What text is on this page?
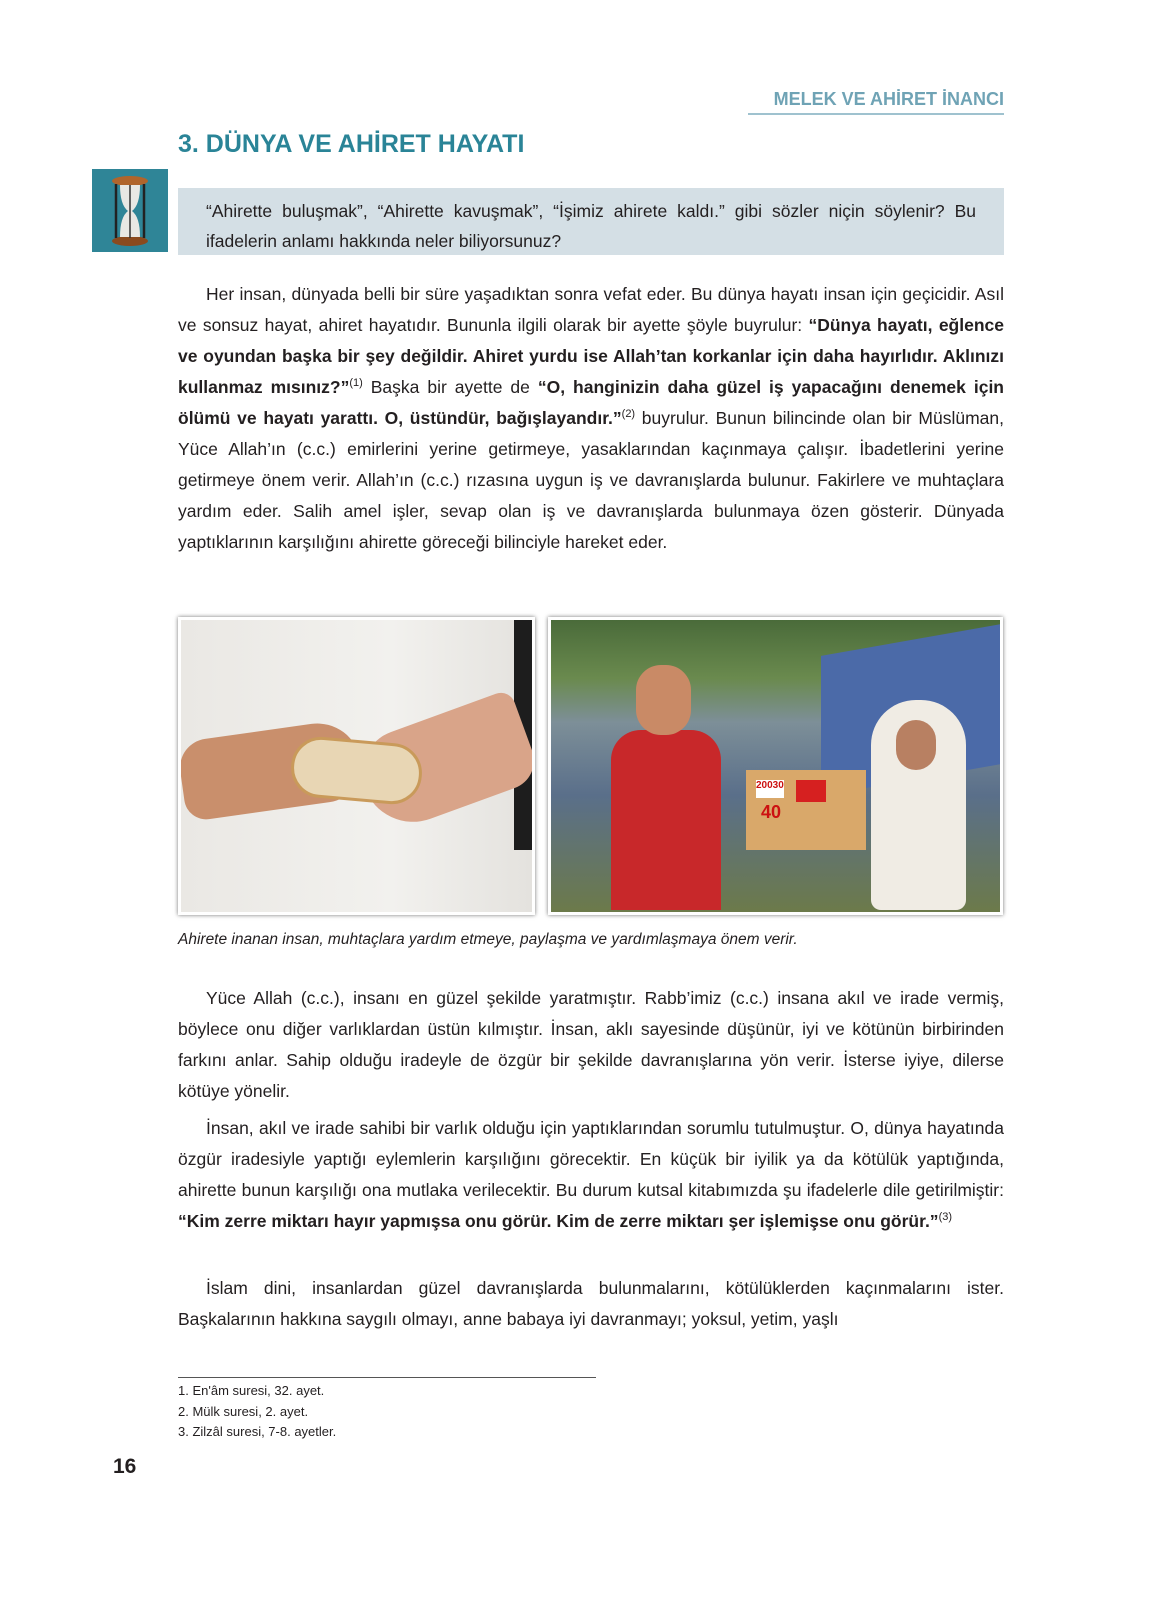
MELEK VE AHİRET İNANCI
3. DÜNYA VE AHİRET HAYATI
“Ahirette buluşmak”, “Ahirette kavuşmak”, “İşimiz ahirete kaldı.” gibi sözler niçin söylenir? Bu ifadelerin anlamı hakkında neler biliyorsunuz?

Her insan, dünyada belli bir süre yaşadıktan sonra vefat eder. Bu dünya hayatı insan için geçicidir. Asıl ve sonsuz hayat, ahiret hayatıdır. Bununla ilgili olarak bir ayette şöyle buyrulur: “Dünya hayatı, eğlence ve oyundan başka bir şey değildir. Ahiret yurdu ise Allah’tan korkanlar için daha hayırlıdır. Aklınızı kullanmaz mısınız?”$^{(1)}$ Başka bir ayette de “O, hanginizin daha güzel iş yapacağını denemek için ölümü ve hayatı yarattı. O, üstündür, bağışlayandır.”$^{(2)}$ buyrulur. Bunun bilincinde olan bir Müslüman, Yüce Allah’ın (c.c.) emirlerini yerine getirmeye, yasaklarından kaçınmaya çalışır. İbadetlerini yerine getirmeye önem verir. Allah’ın (c.c.) rızasına uygun iş ve davranışlarda bulunur. Fakirlere ve muhtaçlara yardım eder. Salih amel işler, sevap olan iş ve davranışlarda bulunmaya özen gösterir. Dünyada yaptıklarının karşılığını ahirette göreceği bilinciyle hareket eder.

20030
40
Ahirete inanan insan, muhtaçlara yardım etmeye, paylaşma ve yardımlaşmaya önem verir.

Yüce Allah (c.c.), insanı en güzel şekilde yaratmıştır. Rabb’imiz (c.c.) insana akıl ve irade vermiş, böylece onu diğer varlıklardan üstün kılmıştır. İnsan, aklı sayesinde düşünür, iyi ve kötünün birbirinden farkını anlar. Sahip olduğu iradeyle de özgür bir şekilde davranışlarına yön verir. İsterse iyiye, dilerse kötüye yönelir.

İnsan, akıl ve irade sahibi bir varlık olduğu için yaptıklarından sorumlu tutulmuştur. O, dünya hayatında özgür iradesiyle yaptığı eylemlerin karşılığını görecektir. En küçük bir iyilik ya da kötülük yaptığında, ahirette bunun karşılığı ona mutlaka verilecektir. Bu durum kutsal kitabımızda şu ifadelerle dile getirilmiştir: “Kim zerre miktarı hayır yapmışsa onu görür. Kim de zerre miktarı şer işlemişse onu görür.”$^{(3)}$

İslam dini, insanlardan güzel davranışlarda bulunmalarını, kötülüklerden kaçınmalarını ister. Başkalarının hakkına saygılı olmayı, anne babaya iyi davranmayı; yoksul, yetim, yaşlı

1. En'âm suresi, 32. ayet.
2. Mülk suresi, 2. ayet.
3. Zilzâl suresi, 7-8. ayetler.
16
